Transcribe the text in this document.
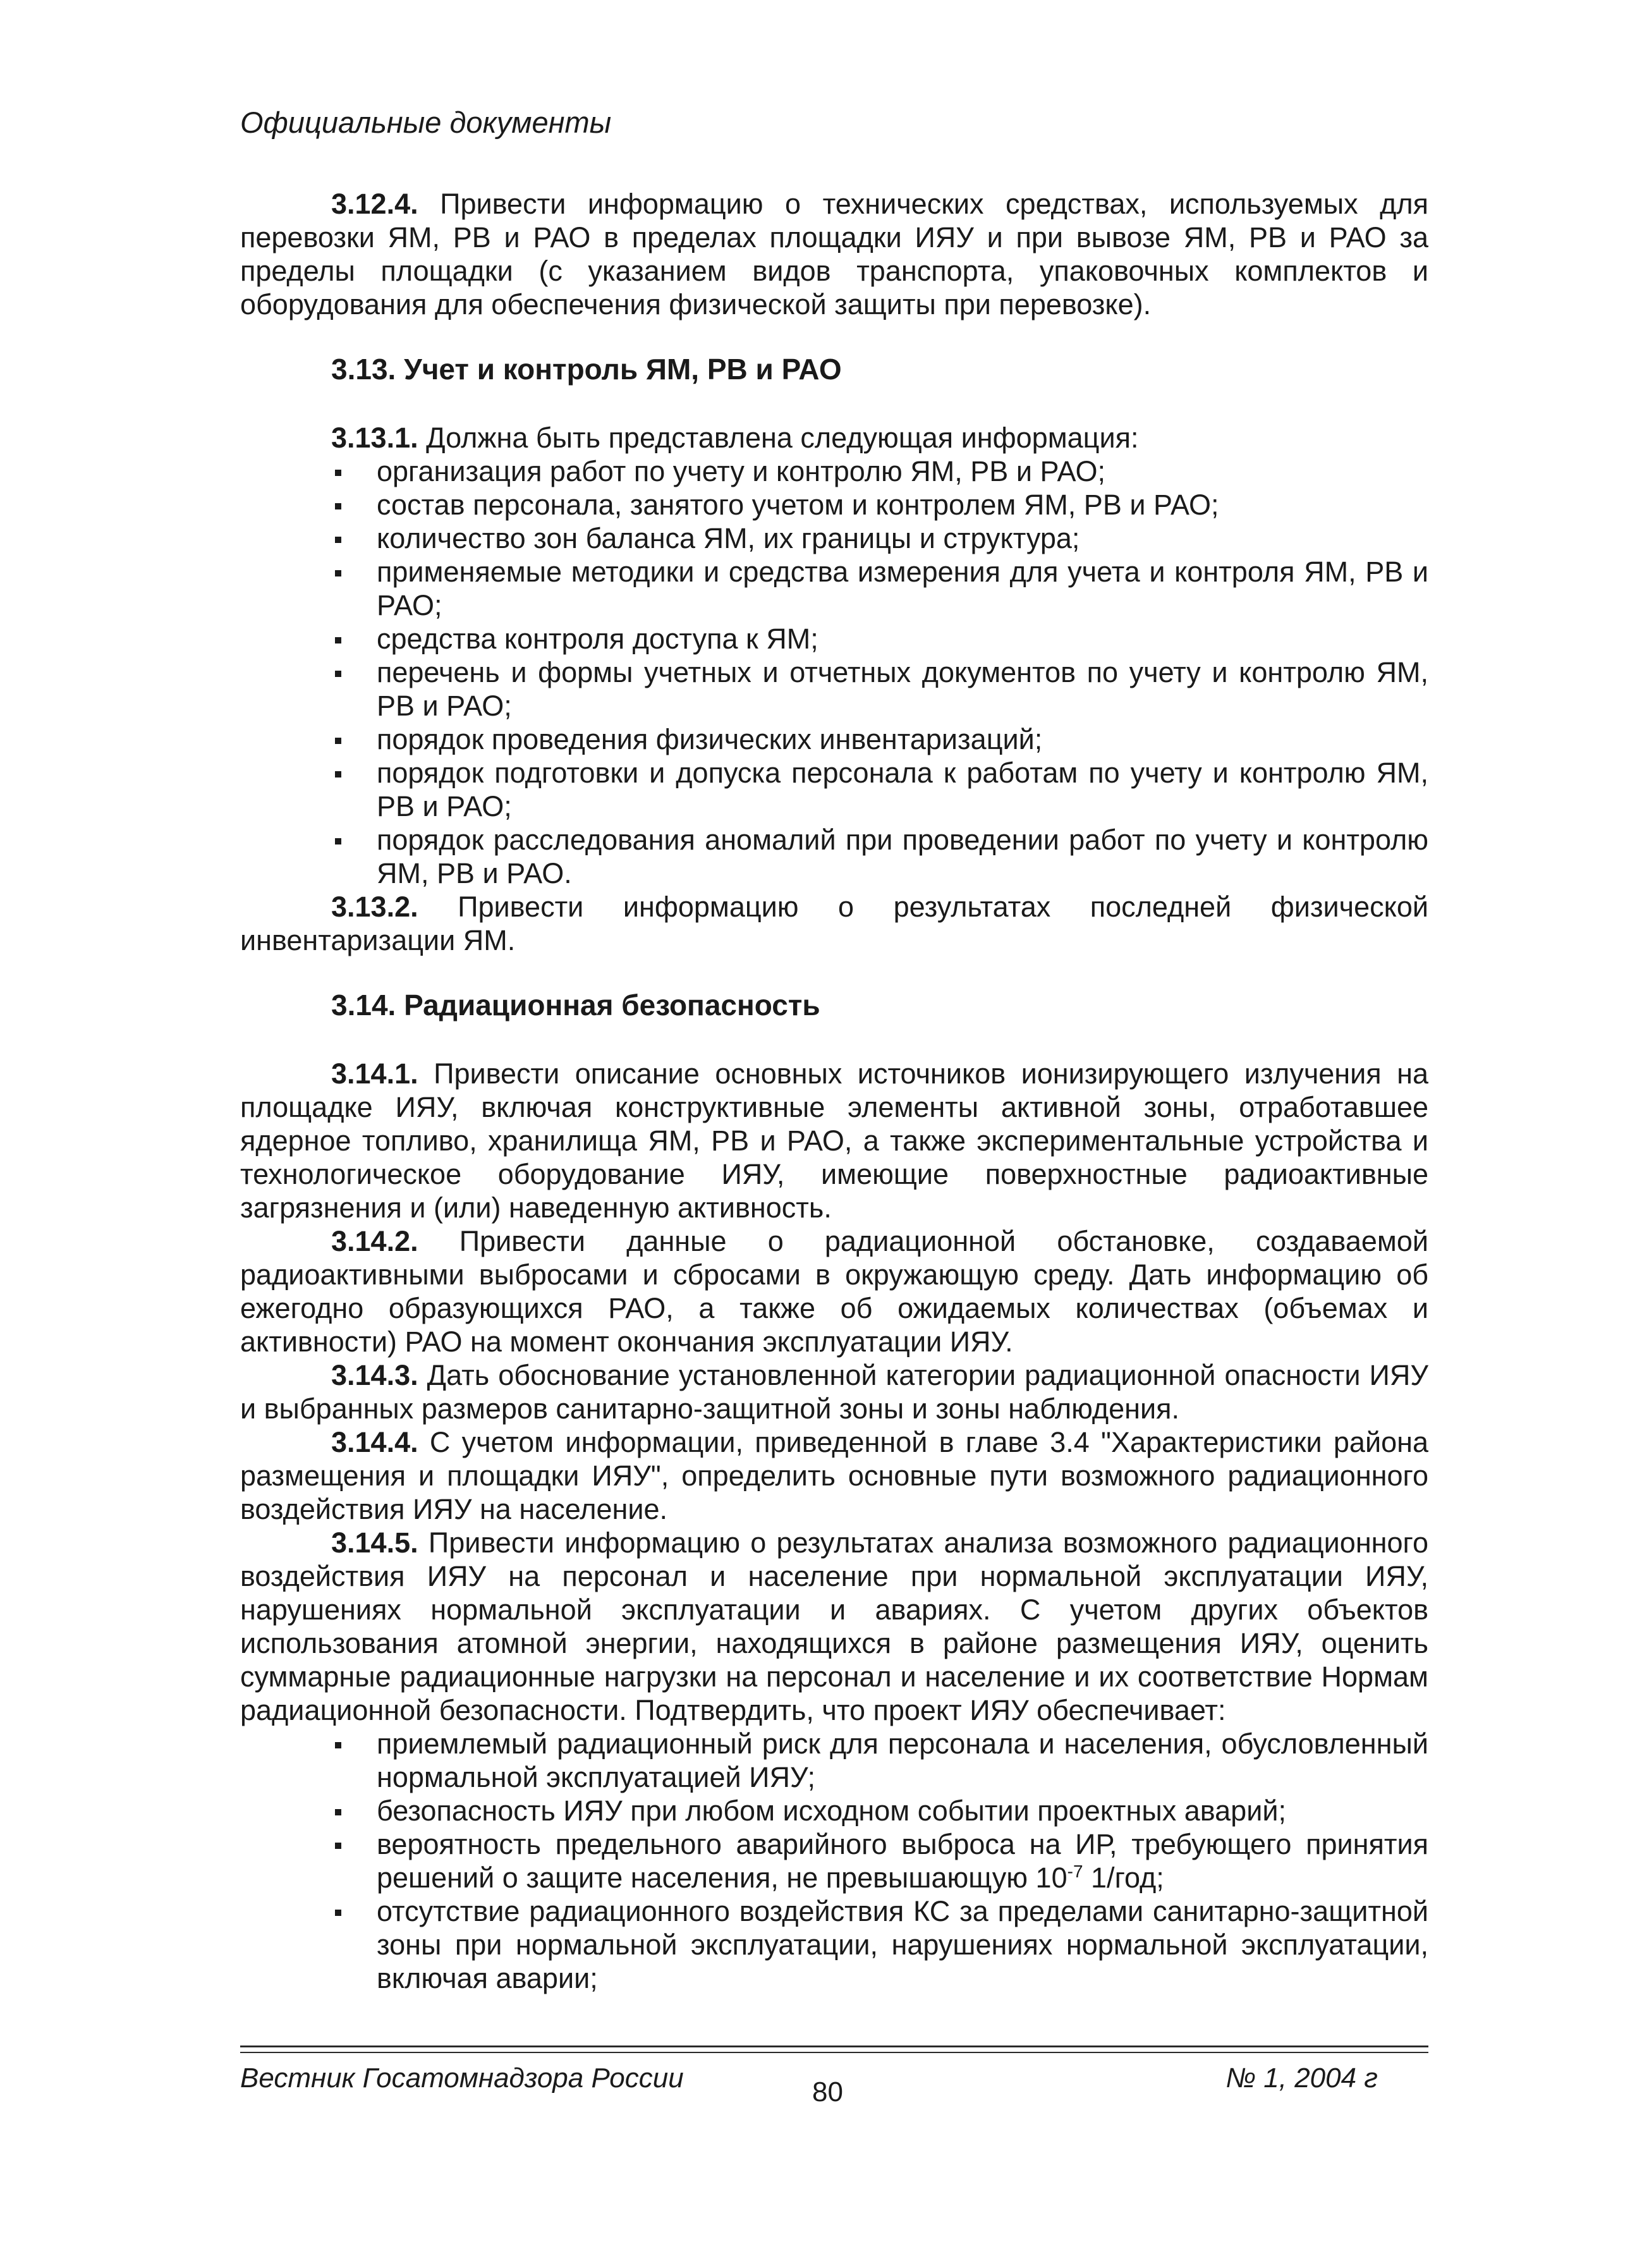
Официальные документы

3.12.4. Привести информацию о технических средствах, используемых для перевозки ЯМ, РВ и РАО в пределах площадки ИЯУ и при вывозе ЯМ, РВ и РАО за пределы площадки (с указанием видов транспорта, упаковочных комплектов и оборудования для обеспечения физической защиты при перевозке).

3.13. Учет и контроль ЯМ, РВ и РАО

3.13.1. Должна быть представлена следующая информация:

организация работ по учету и контролю ЯМ, РВ и РАО;
состав персонала, занятого учетом и контролем ЯМ, РВ и РАО;
количество зон баланса ЯМ, их границы и структура;
применяемые методики и средства измерения для учета и контроля ЯМ, РВ и РАО;
средства контроля доступа к ЯМ;
перечень и формы учетных и отчетных документов по учету и контролю ЯМ, РВ и РАО;
порядок проведения физических инвентаризаций;
порядок подготовки и допуска персонала к работам по учету и контролю ЯМ, РВ и РАО;
порядок расследования аномалий при проведении работ по учету и контролю ЯМ, РВ и РАО.

3.13.2. Привести информацию о результатах последней физической инвентаризации ЯМ.

3.14. Радиационная безопасность

3.14.1. Привести описание основных источников ионизирующего излучения на площадке ИЯУ, включая конструктивные элементы активной зоны, отработавшее ядерное топливо, хранилища ЯМ, РВ и РАО, а также экспериментальные устройства и технологическое оборудование ИЯУ, имеющие поверхностные радиоактивные загрязнения и (или) наведенную активность.

3.14.2. Привести данные о радиационной обстановке, создаваемой радиоактивными выбросами и сбросами в окружающую среду. Дать информацию об ежегодно образующихся РАО, а также об ожидаемых количествах (объемах и активности) РАО на момент окончания эксплуатации ИЯУ.

3.14.3. Дать обоснование установленной категории радиационной опасности ИЯУ и выбранных размеров санитарно-защитной зоны и зоны наблюдения.

3.14.4. С учетом информации, приведенной в главе 3.4 "Характеристики района размещения и площадки ИЯУ", определить основные пути возможного радиационного воздействия ИЯУ на население.

3.14.5. Привести информацию о результатах анализа возможного радиационного воздействия ИЯУ на персонал и население при нормальной эксплуатации ИЯУ, нарушениях нормальной эксплуатации и авариях. С учетом других объектов использования атомной энергии, находящихся в районе размещения ИЯУ, оценить суммарные радиационные нагрузки на персонал и население и их соответствие Нормам радиационной безопасности. Подтвердить, что проект ИЯУ обеспечивает:

приемлемый радиационный риск для персонала и населения, обусловленный нормальной эксплуатацией ИЯУ;
безопасность ИЯУ при любом исходном событии проектных аварий;
вероятность предельного аварийного выброса на ИР, требующего принятия решений о защите населения, не превышающую $10^{-7}$ 1/год;
отсутствие радиационного воздействия КС за пределами санитарно-защитной зоны при нормальной эксплуатации, нарушениях нормальной эксплуатации, включая аварии;
Вестник Госатомнадзора России	80	№ 1, 2004 г
